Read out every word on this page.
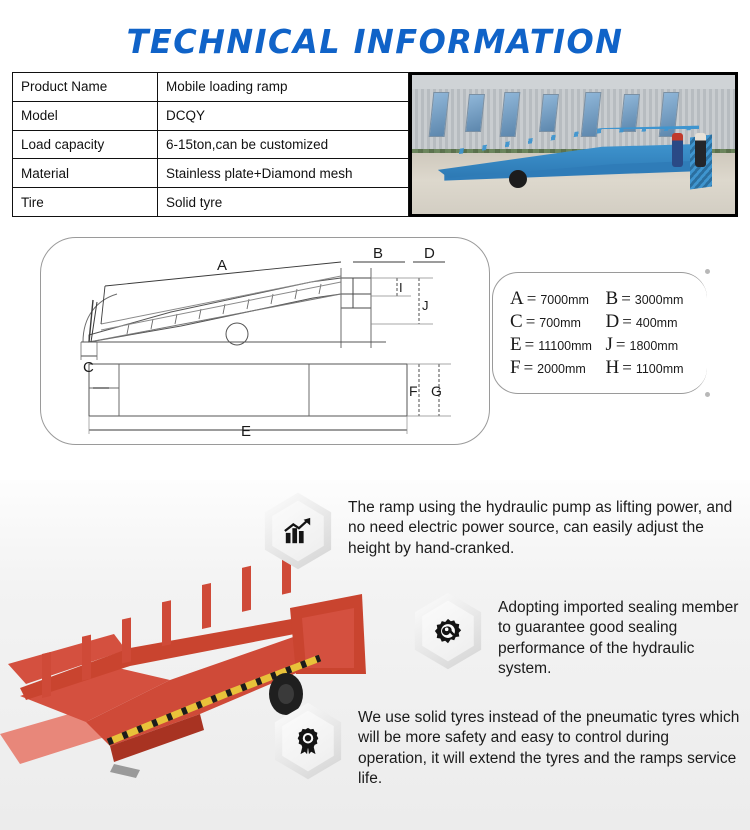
TECHNICAL INFORMATION
Product Name	Mobile loading ramp
Model	DCQY
Load capacity	6-15ton,can be customized
Material	Stainless plate+Diamond mesh
Tire	Solid tyre
A
B	D
C
I
J
F G
E
A = 7000mm B = 3000mm
C = 700mm D = 400mm
E = 11100mm J = 1800mm
F = 2000mm H = 1100mm
The ramp using the hydraulic pump as lifting power, and no need electric power source, can easily adjust the height by hand-cranked.
Adopting imported sealing member to guarantee good sealing performance of the hydraulic system.
We use solid tyres instead of the pneumatic tyres which will be more safety and easy to control during operation, it will extend the tyres and the ramps service life.
